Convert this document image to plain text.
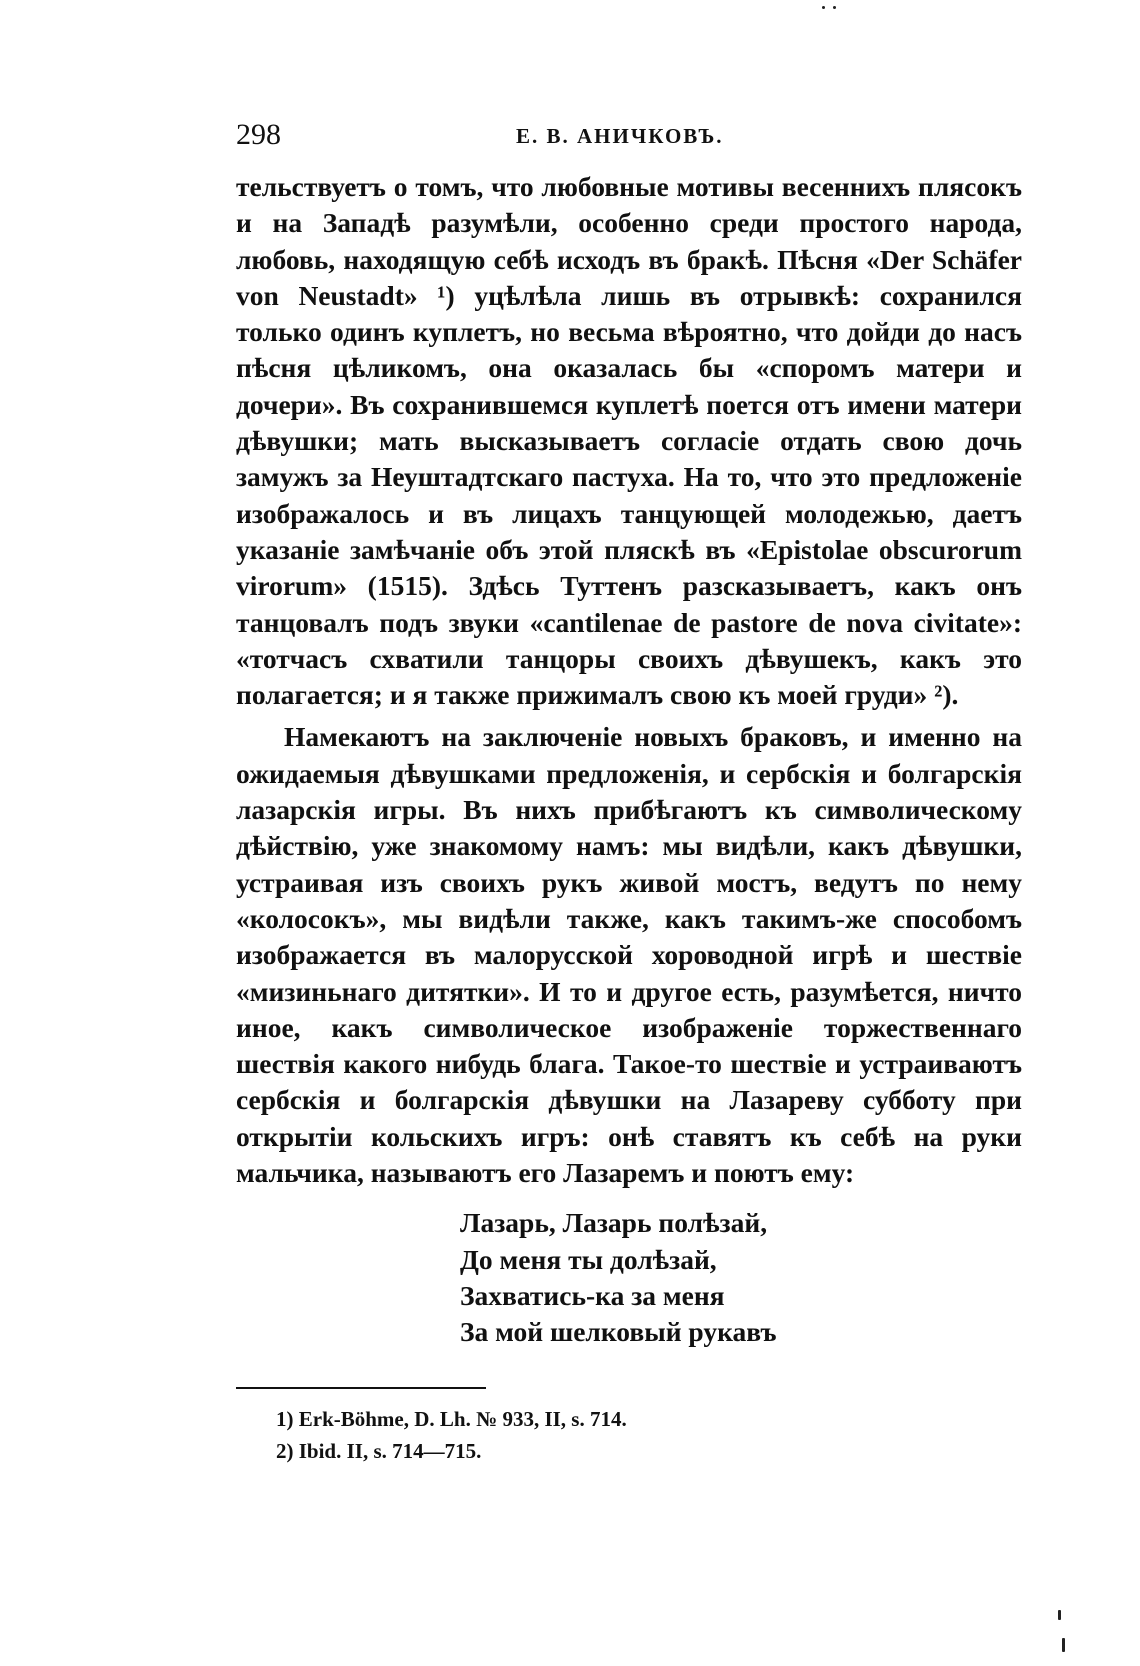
298	Е. В. АНИЧКОВЪ.

тельствуетъ о томъ, что любовные мотивы весеннихъ плясокъ и на Западѣ разумѣли, особенно среди простого народа, любовь, находящую себѣ исходъ въ бракѣ. Пѣсня «Der Schäfer von Neustadt» ¹) уцѣлѣла лишь въ отрывкѣ: сохранился только одинъ куплетъ, но весьма вѣроятно, что дойди до насъ пѣсня цѣликомъ, она оказалась бы «споромъ матери и дочери». Въ сохранившемся куплетѣ поется отъ имени матери дѣвушки; мать высказываетъ согласіе отдать свою дочь замужъ за Неуштадтскаго пастуха. На то, что это предложеніе изображалось и въ лицахъ танцующей молодежью, даетъ указаніе замѣчаніе объ этой пляскѣ въ «Epistolae obscurorum virorum» (1515). Здѣсь Туттенъ разсказываетъ, какъ онъ танцовалъ подъ звуки «cantilenae de pastore de nova civitate»: «тотчасъ схватили танцоры своихъ дѣвушекъ, какъ это полагается; и я также прижималъ свою къ моей груди» ²).

Намекаютъ на заключеніе новыхъ браковъ, и именно на ожидаемыя дѣвушками предложенія, и сербскія и болгарскія лазарскія игры. Въ нихъ прибѣгаютъ къ символическому дѣйствію, уже знакомому намъ: мы видѣли, какъ дѣвушки, устраивая изъ своихъ рукъ живой мостъ, ведутъ по нему «колосокъ», мы видѣли также, какъ такимъ-же способомъ изображается въ малорусской хороводной игрѣ и шествіе «мизиньнаго дитятки». И то и другое есть, разумѣется, ничто иное, какъ символическое изображеніе торжественнаго шествія какого нибудь блага. Такое-то шествіе и устраиваютъ сербскія и болгарскія дѣвушки на Лазареву субботу при открытіи кольскихъ игръ: онѣ ставятъ къ себѣ на руки мальчика, называютъ его Лазаремъ и поютъ ему:

Лазарь, Лазарь полѣзай,
До меня ты долѣзай,
Захватись-ка за меня
За мой шелковый рукавъ
1) Erk-Böhme, D. Lh. № 933, II, s. 714.
2) Ibid. II, s. 714—715.
